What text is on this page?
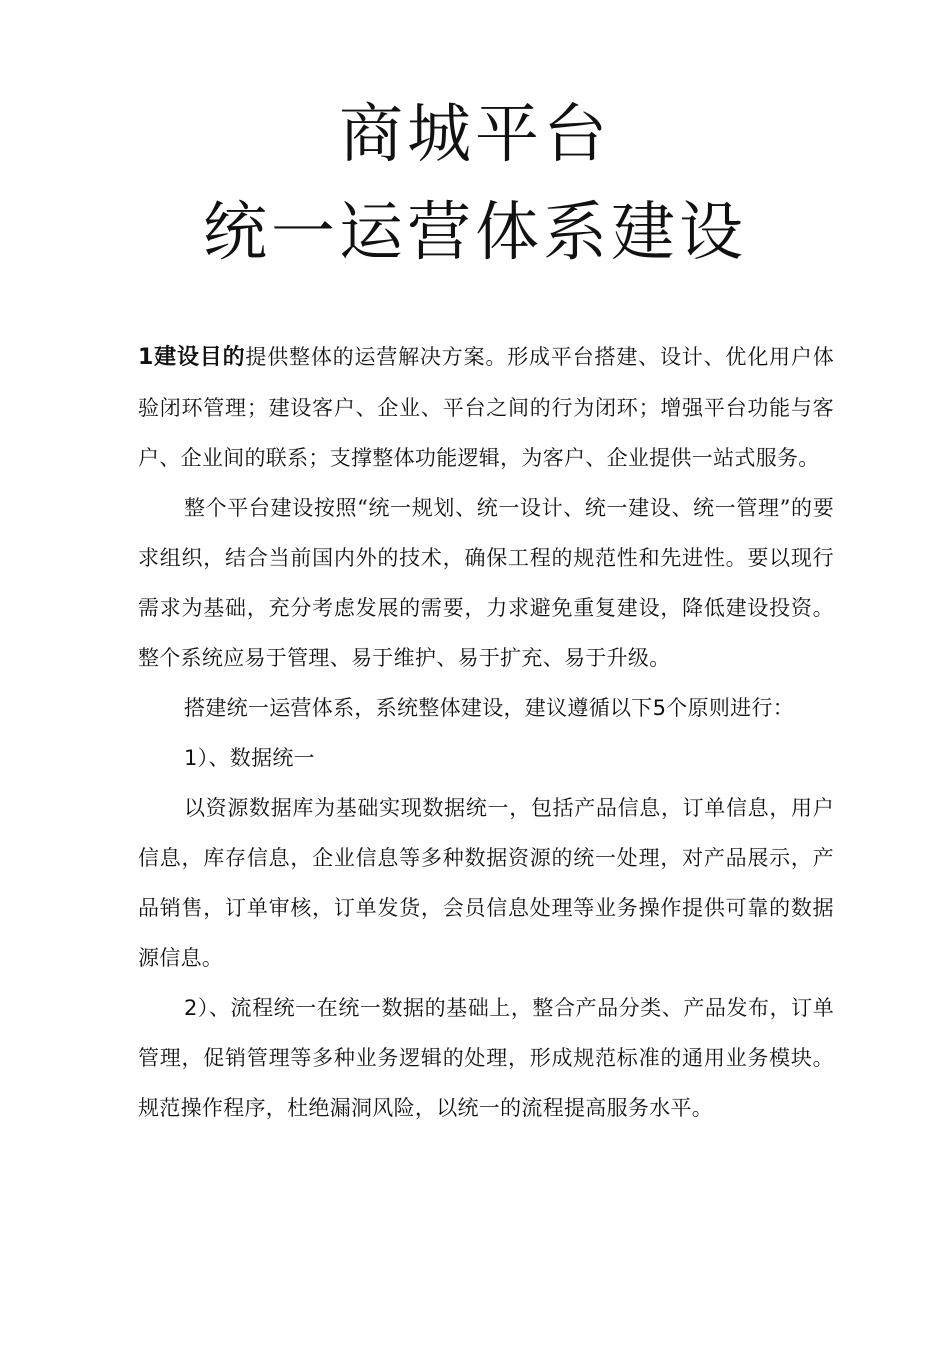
商城平台
统一运营体系建设

1建设目的提供整体的运营解决方案。形成平台搭建、设计、优化用户体验闭环管理；建设客户、企业、平台之间的行为闭环；增强平台功能与客户、企业间的联系；支撑整体功能逻辑，为客户、企业提供一站式服务。

整个平台建设按照“统一规划、统一设计、统一建设、统一管理”的要求组织，结合当前国内外的技术，确保工程的规范性和先进性。要以现行需求为基础，充分考虑发展的需要，力求避免重复建设，降低建设投资。整个系统应易于管理、易于维护、易于扩充、易于升级。

搭建统一运营体系，系统整体建设，建议遵循以下5个原则进行：

1）、数据统一

以资源数据库为基础实现数据统一，包括产品信息，订单信息，用户信息，库存信息，企业信息等多种数据资源的统一处理，对产品展示，产品销售，订单审核，订单发货，会员信息处理等业务操作提供可靠的数据源信息。

2）、流程统一在统一数据的基础上，整合产品分类、产品发布，订单管理，促销管理等多种业务逻辑的处理，形成规范标准的通用业务模块。规范操作程序，杜绝漏洞风险，以统一的流程提高服务水平。
